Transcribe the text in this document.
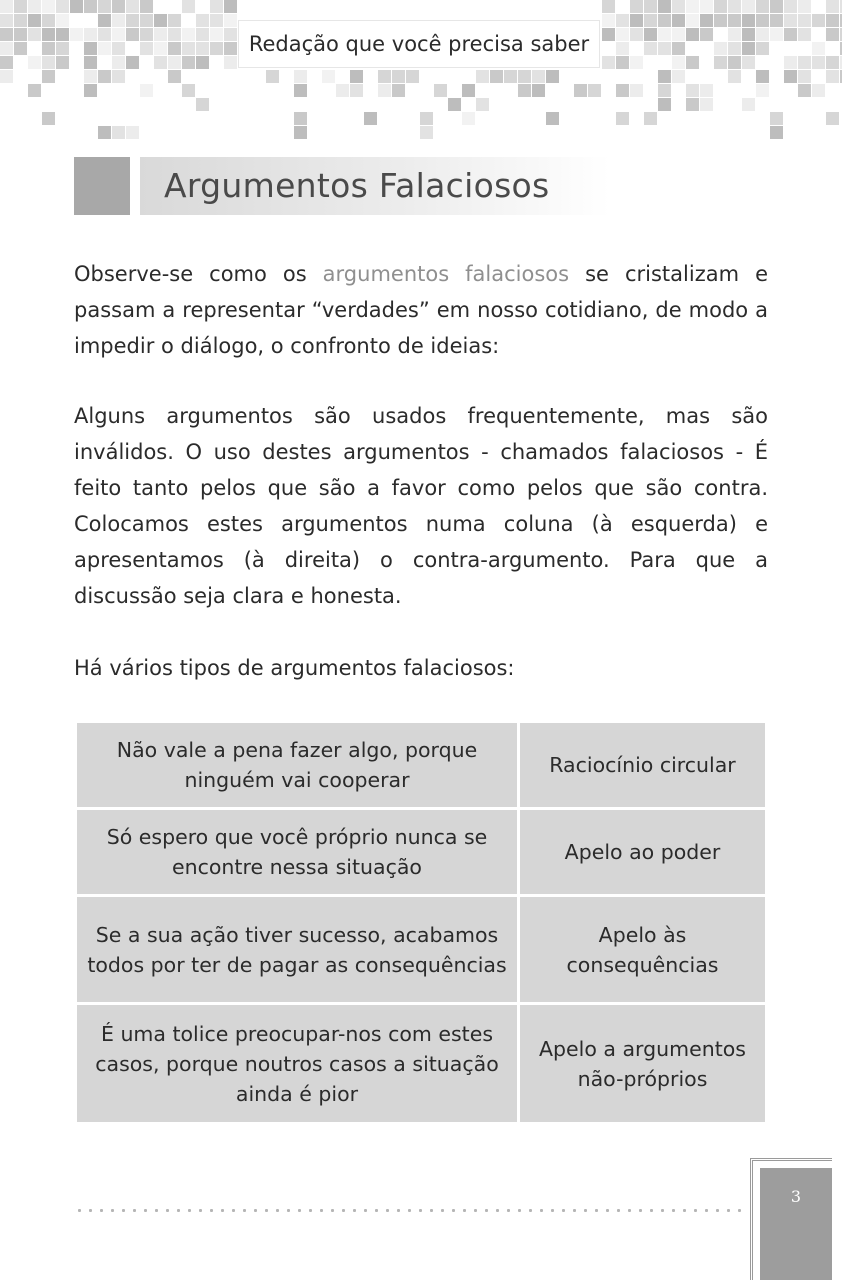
Redação que você precisa saber
Argumentos Falaciosos

Observe-se como os argumentos falaciosos se cristalizam e passam a representar “verdades” em nosso cotidiano, de modo a impedir o diálogo, o confronto de ideias:

Alguns argumentos são usados frequentemente, mas são inválidos. O uso destes argumentos - chamados falaciosos - É feito tanto pelos que são a favor como pelos que são contra. Colocamos estes argumentos numa coluna (à esquerda) e apresentamos (à direita) o contra-argumento. Para que a discussão seja clara e honesta.

Há vários tipos de argumentos falaciosos:

Não vale a pena fazer algo, porque ninguém vai cooperar	Raciocínio circular
Só espero que você próprio nunca se encontre nessa situação	Apelo ao poder
Se a sua ação tiver sucesso, acabamos todos por ter de pagar as consequências	Apelo às consequências
É uma tolice preocupar-nos com estes casos, porque noutros casos a situação ainda é pior	Apelo a argumentos não-próprios
3
